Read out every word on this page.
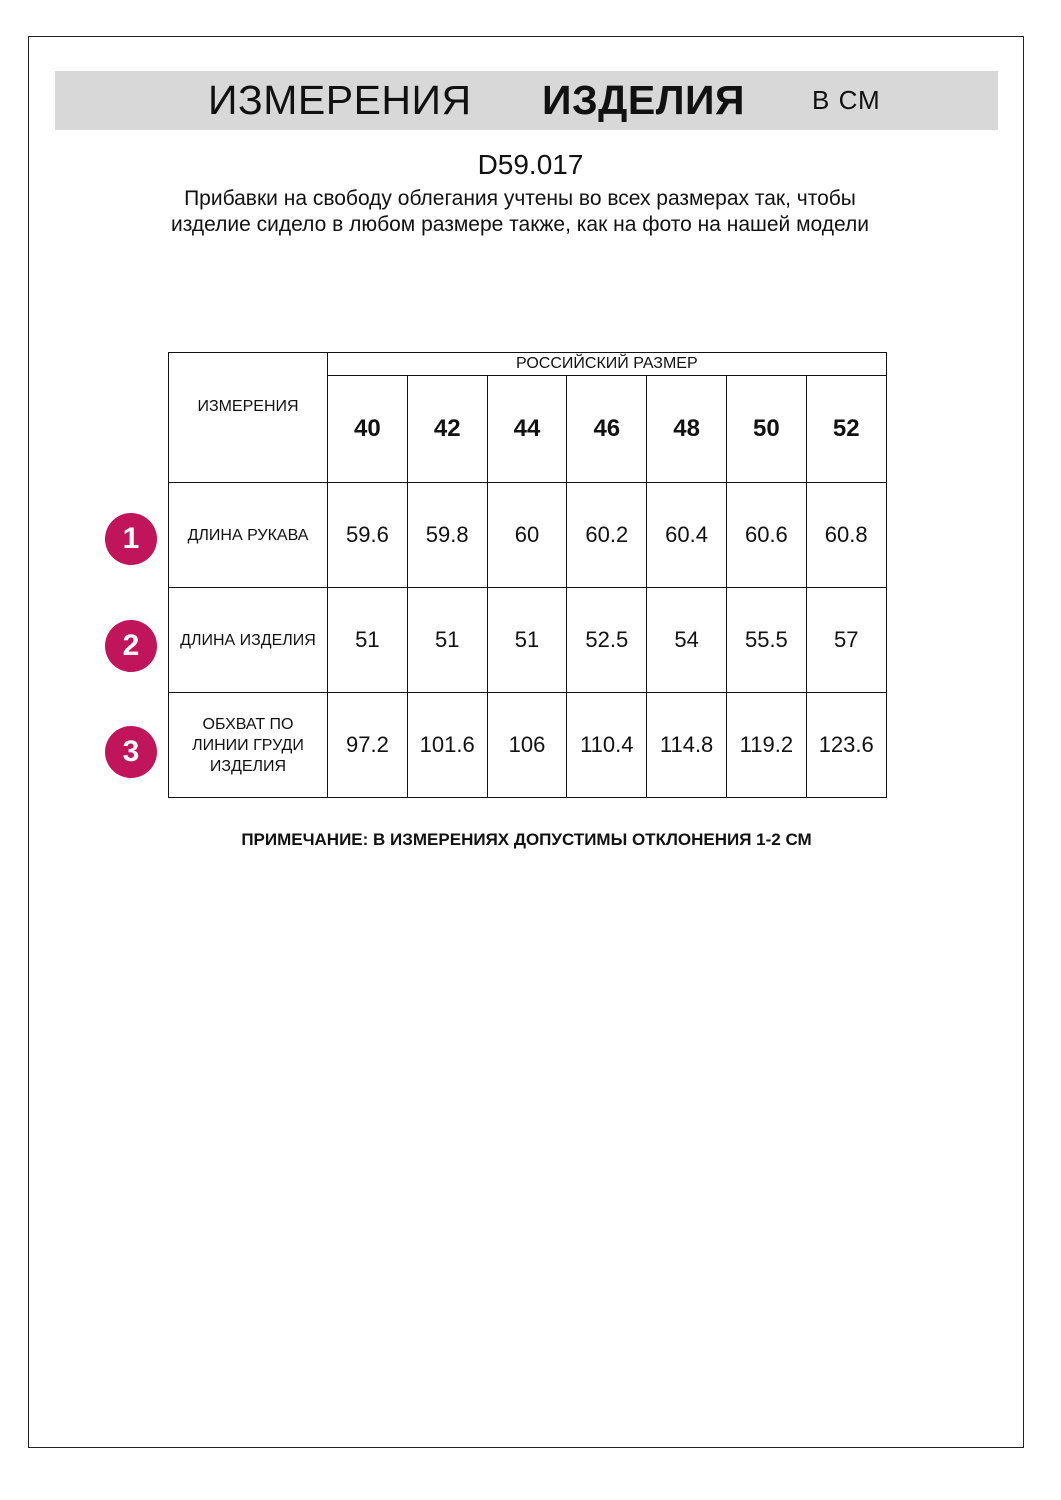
ИЗМЕРЕНИЯ ИЗДЕЛИЯ	В СМ
D59.017
Прибавки на свободу облегания учтены во всех размерах так, чтобы изделие сидело в любом размере также, как на фото на нашей модели
ИЗМЕРЕНИЯ	РОССИЙСКИЙ РАЗМЕР						
	40	42	44	46	48	50	52
ДЛИНА РУКАВА	59.6	59.8	60	60.2	60.4	60.6	60.8
ДЛИНА ИЗДЕЛИЯ	51	51	51	52.5	54	55.5	57

ОБХВАТ ПО ЛИНИИ ГРУДИ ИЗДЕЛИЯ	97.2	101.6	106	110.4	114.8	119.2	123.6
1
2
3
ПРИМЕЧАНИЕ: В ИЗМЕРЕНИЯХ ДОПУСТИМЫ ОТКЛОНЕНИЯ 1-2 СМ
